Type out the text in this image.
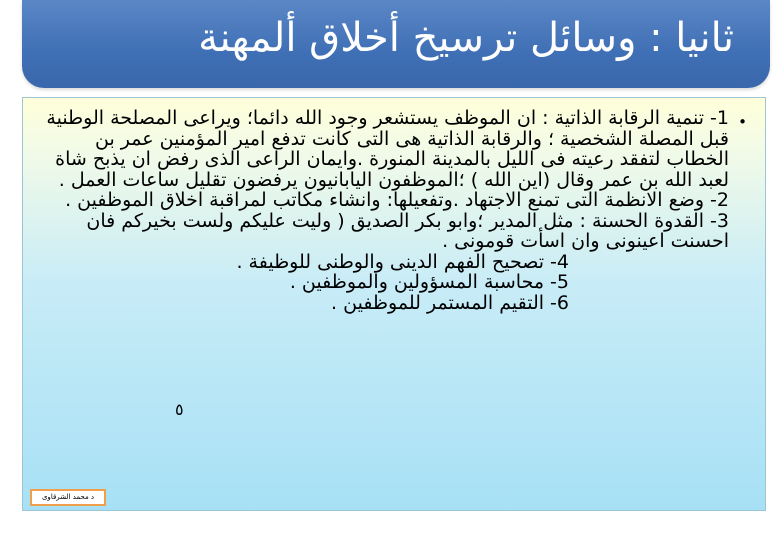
ثانيا : وسائل ترسيخ أخلاق ألمهنة
•

1- تنمية الرقابة الذاتية : ان الموظف يستشعر وجود الله دائما؛ ويراعى المصلحة الوطنية قبل المصلة الشخصية ؛ والرقابة الذاتية هى التى كانت تدفع امير المؤمنين عمر بن الخطاب لتفقد رعيته فى الليل بالمدينة المنورة .وايمان الراعى الذى رفض ان يذبح شاة لعبد الله بن عمر وقال (اين الله ) ؛الموظفون اليابانيون يرفضون تقليل ساعات العمل .

2- وضع الانظمة التى تمنع الاجتهاد .وتفعيلها: وانشاء مكاتب لمراقبة اخلاق الموظفين .

3- القدوة الحسنة : مثل المدير ؛وابو بكر الصديق ( وليت عليكم ولست بخيركم فان احسنت اعينونى وان اسأت قومونى .

4- تصحيح الفهم الدينى والوطنى للوظيفة .

5- محاسبة المسؤولين والموظفين .

6- التقيم المستمر للموظفين .

٥
د محمد الشرقاوى
